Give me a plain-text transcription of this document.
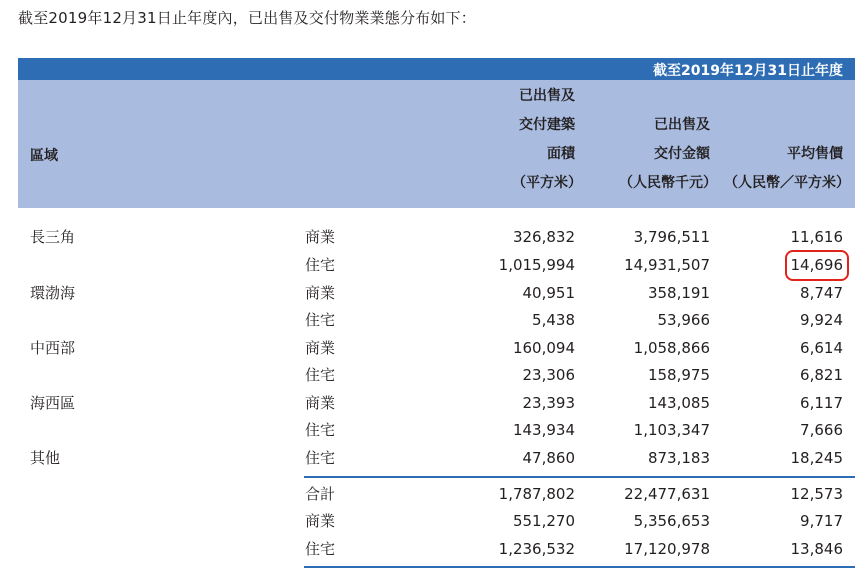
截至2019年12月31日止年度內，已出售及交付物業業態分布如下：
截至2019年12月31日止年度
區域
已出售及
交付建築
面積
（平方米）
已出售及
交付金額
（人民幣千元）
平均售價
（人民幣／平方米）
長三角	商業	326,832	3,796,511	11,616
住宅	1,015,994	14,931,507	14,696
環渤海	商業	40,951	358,191	8,747
住宅	5,438	53,966	9,924
中西部	商業	160,094	1,058,866	6,614
住宅	23,306	158,975	6,821
海西區	商業	23,393	143,085	6,117
住宅	143,934	1,103,347	7,666
其他	住宅	47,860	873,183	18,245
合計	1,787,802	22,477,631	12,573
商業	551,270	5,356,653	9,717
住宅	1,236,532	17,120,978	13,846
